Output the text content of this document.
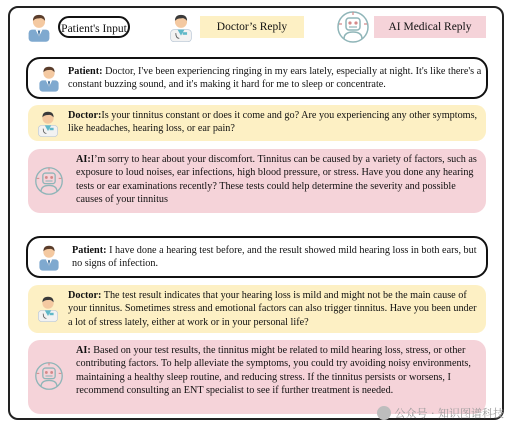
Patient's Input	Doctor’s Reply	AI Medical Reply
Patient: Doctor, I've been experiencing ringing in my ears lately, especially at night. It's like there's a constant buzzing sound, and it's making it hard for me to sleep or concentrate.
Doctor:Is your tinnitus constant or does it come and go? Are you experiencing any other symptoms, like headaches, hearing loss, or ear pain?
AI:I’m sorry to hear about your discomfort. Tinnitus can be caused by a variety of factors, such as exposure to loud noises, ear infections, high blood pressure, or stress. Have you done any hearing tests or ear examinations recently? These tests could help determine the severity and possible causes of your tinnitus
Patient: I have done a hearing test before, and the result showed mild hearing loss in both ears, but no signs of infection.
Doctor: The test result indicates that your hearing loss is mild and might not be the main cause of your tinnitus. Sometimes stress and emotional factors can also trigger tinnitus. Have you been under a lot of stress lately, either at work or in your personal life?
AI: Based on your test results, the tinnitus might be related to mild hearing loss, stress, or other contributing factors. To help alleviate the symptoms, you could try avoiding noisy environments, maintaining a healthy sleep routine, and reducing stress. If the tinnitus persists or worsens, I recommend consulting an ENT specialist to see if further treatment is needed.
公众号 · 知识图谱科技
